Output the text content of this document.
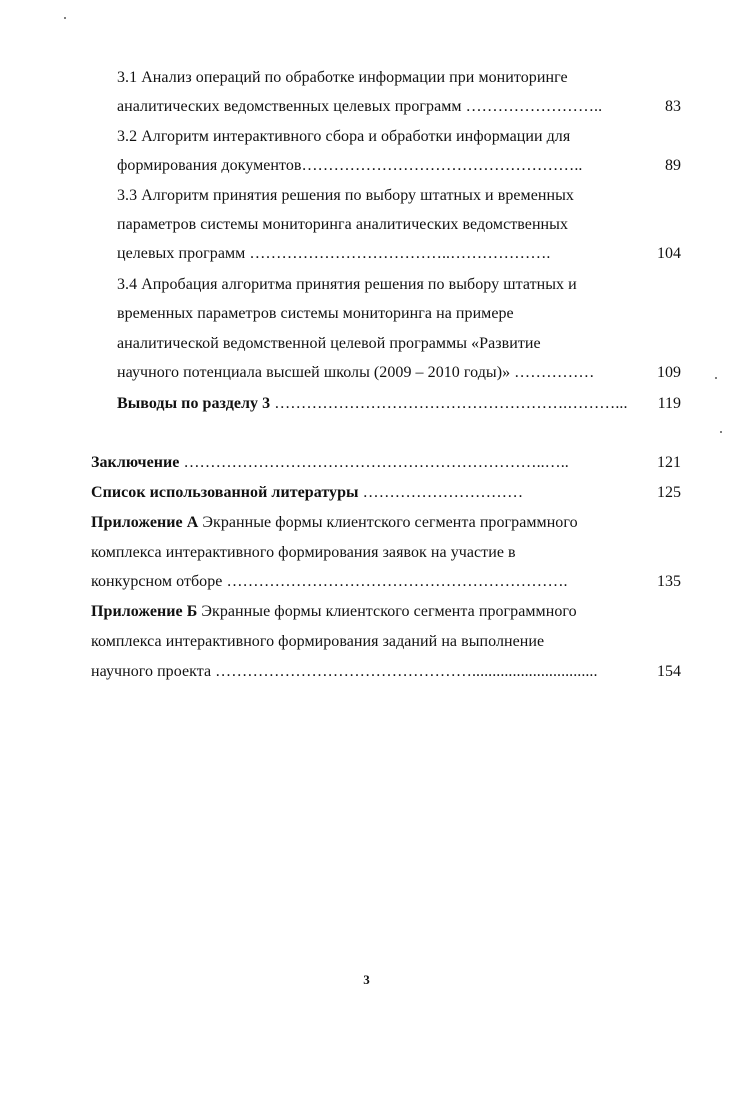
3.1 Анализ операций по обработке информации при мониторинге
аналитических ведомственных целевых программ ……………………..	83
3.2 Алгоритм интерактивного сбора и обработки информации для
формирования документов……………………………………………..	89
3.3 Алгоритм принятия решения по выбору штатных и временных
параметров системы мониторинга аналитических ведомственных
целевых программ ………………………………..……………….	104
3.4 Апробация алгоритма принятия решения по выбору штатных и
временных параметров системы мониторинга на примере
аналитической ведомственной целевой программы «Развитие
научного потенциала высшей школы (2009 – 2010 годы)» ……………	109
Выводы по разделу 3 ……………………………………………….………... 119
Заключение …………………………………………………………..…..	121
Список использованной литературы …………………………	125
Приложение А Экранные формы клиентского сегмента программного
комплекса интерактивного формирования заявок на участие в
конкурсном отборе ……………………………………………………….	135
Приложение Б Экранные формы клиентского сегмента программного
комплекса интерактивного формирования заданий на выполнение
научного проекта …………………………………………...............................	154
3
